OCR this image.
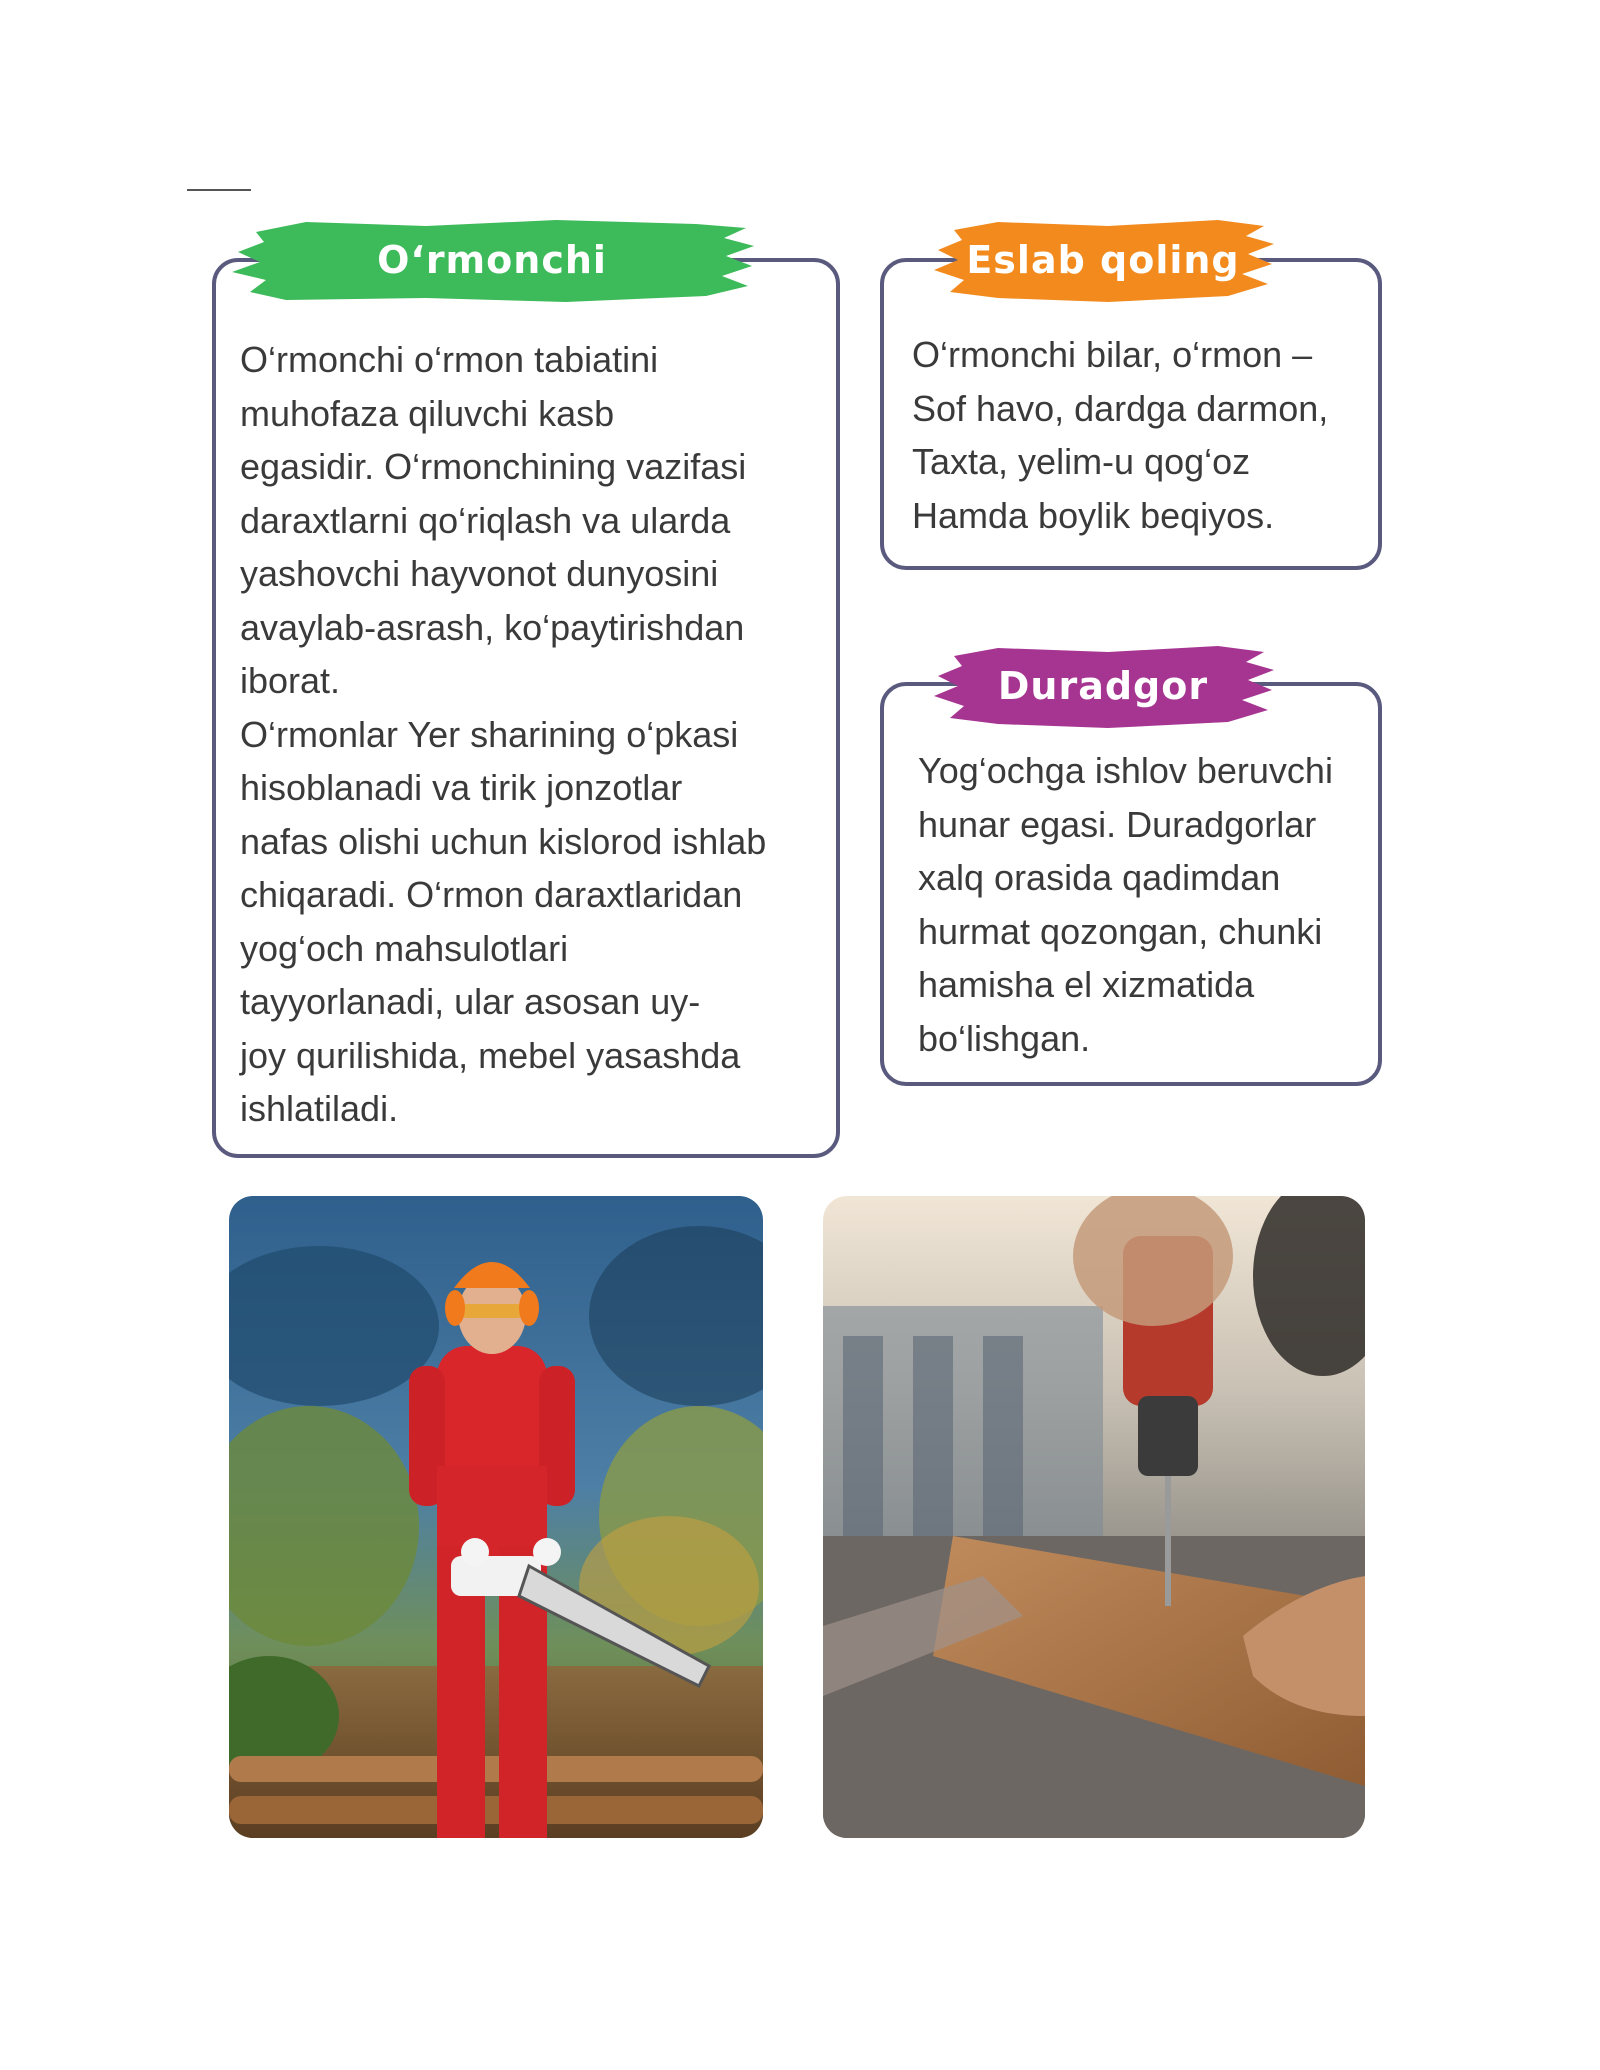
O‘rmonchi
O‘rmonchi o‘rmon tabiatini
muhofaza qiluvchi kasb
egasidir. O‘rmonchining vazifasi
daraxtlarni qo‘riqlash va ularda
yashovchi hayvonot dunyosini
avaylab-asrash, ko‘paytirishdan
iborat.
O‘rmonlar Yer sharining o‘pkasi
hisoblanadi va tirik jonzotlar
nafas olishi uchun kislorod ishlab
chiqaradi. O‘rmon daraxtlaridan
yog‘och mahsulotlari
tayyorlanadi, ular asosan uy-
joy qurilishida, mebel yasashda
ishlatiladi.
Eslab qoling
O‘rmonchi bilar, o‘rmon –
Sof havo, dardga darmon,
Taxta, yelim-u qog‘oz
Hamda boylik beqiyos.
Duradgor
Yog‘ochga ishlov beruvchi
hunar egasi. Duradgorlar
xalq orasida qadimdan
hurmat qozongan, chunki
hamisha el xizmatida
bo‘lishgan.
